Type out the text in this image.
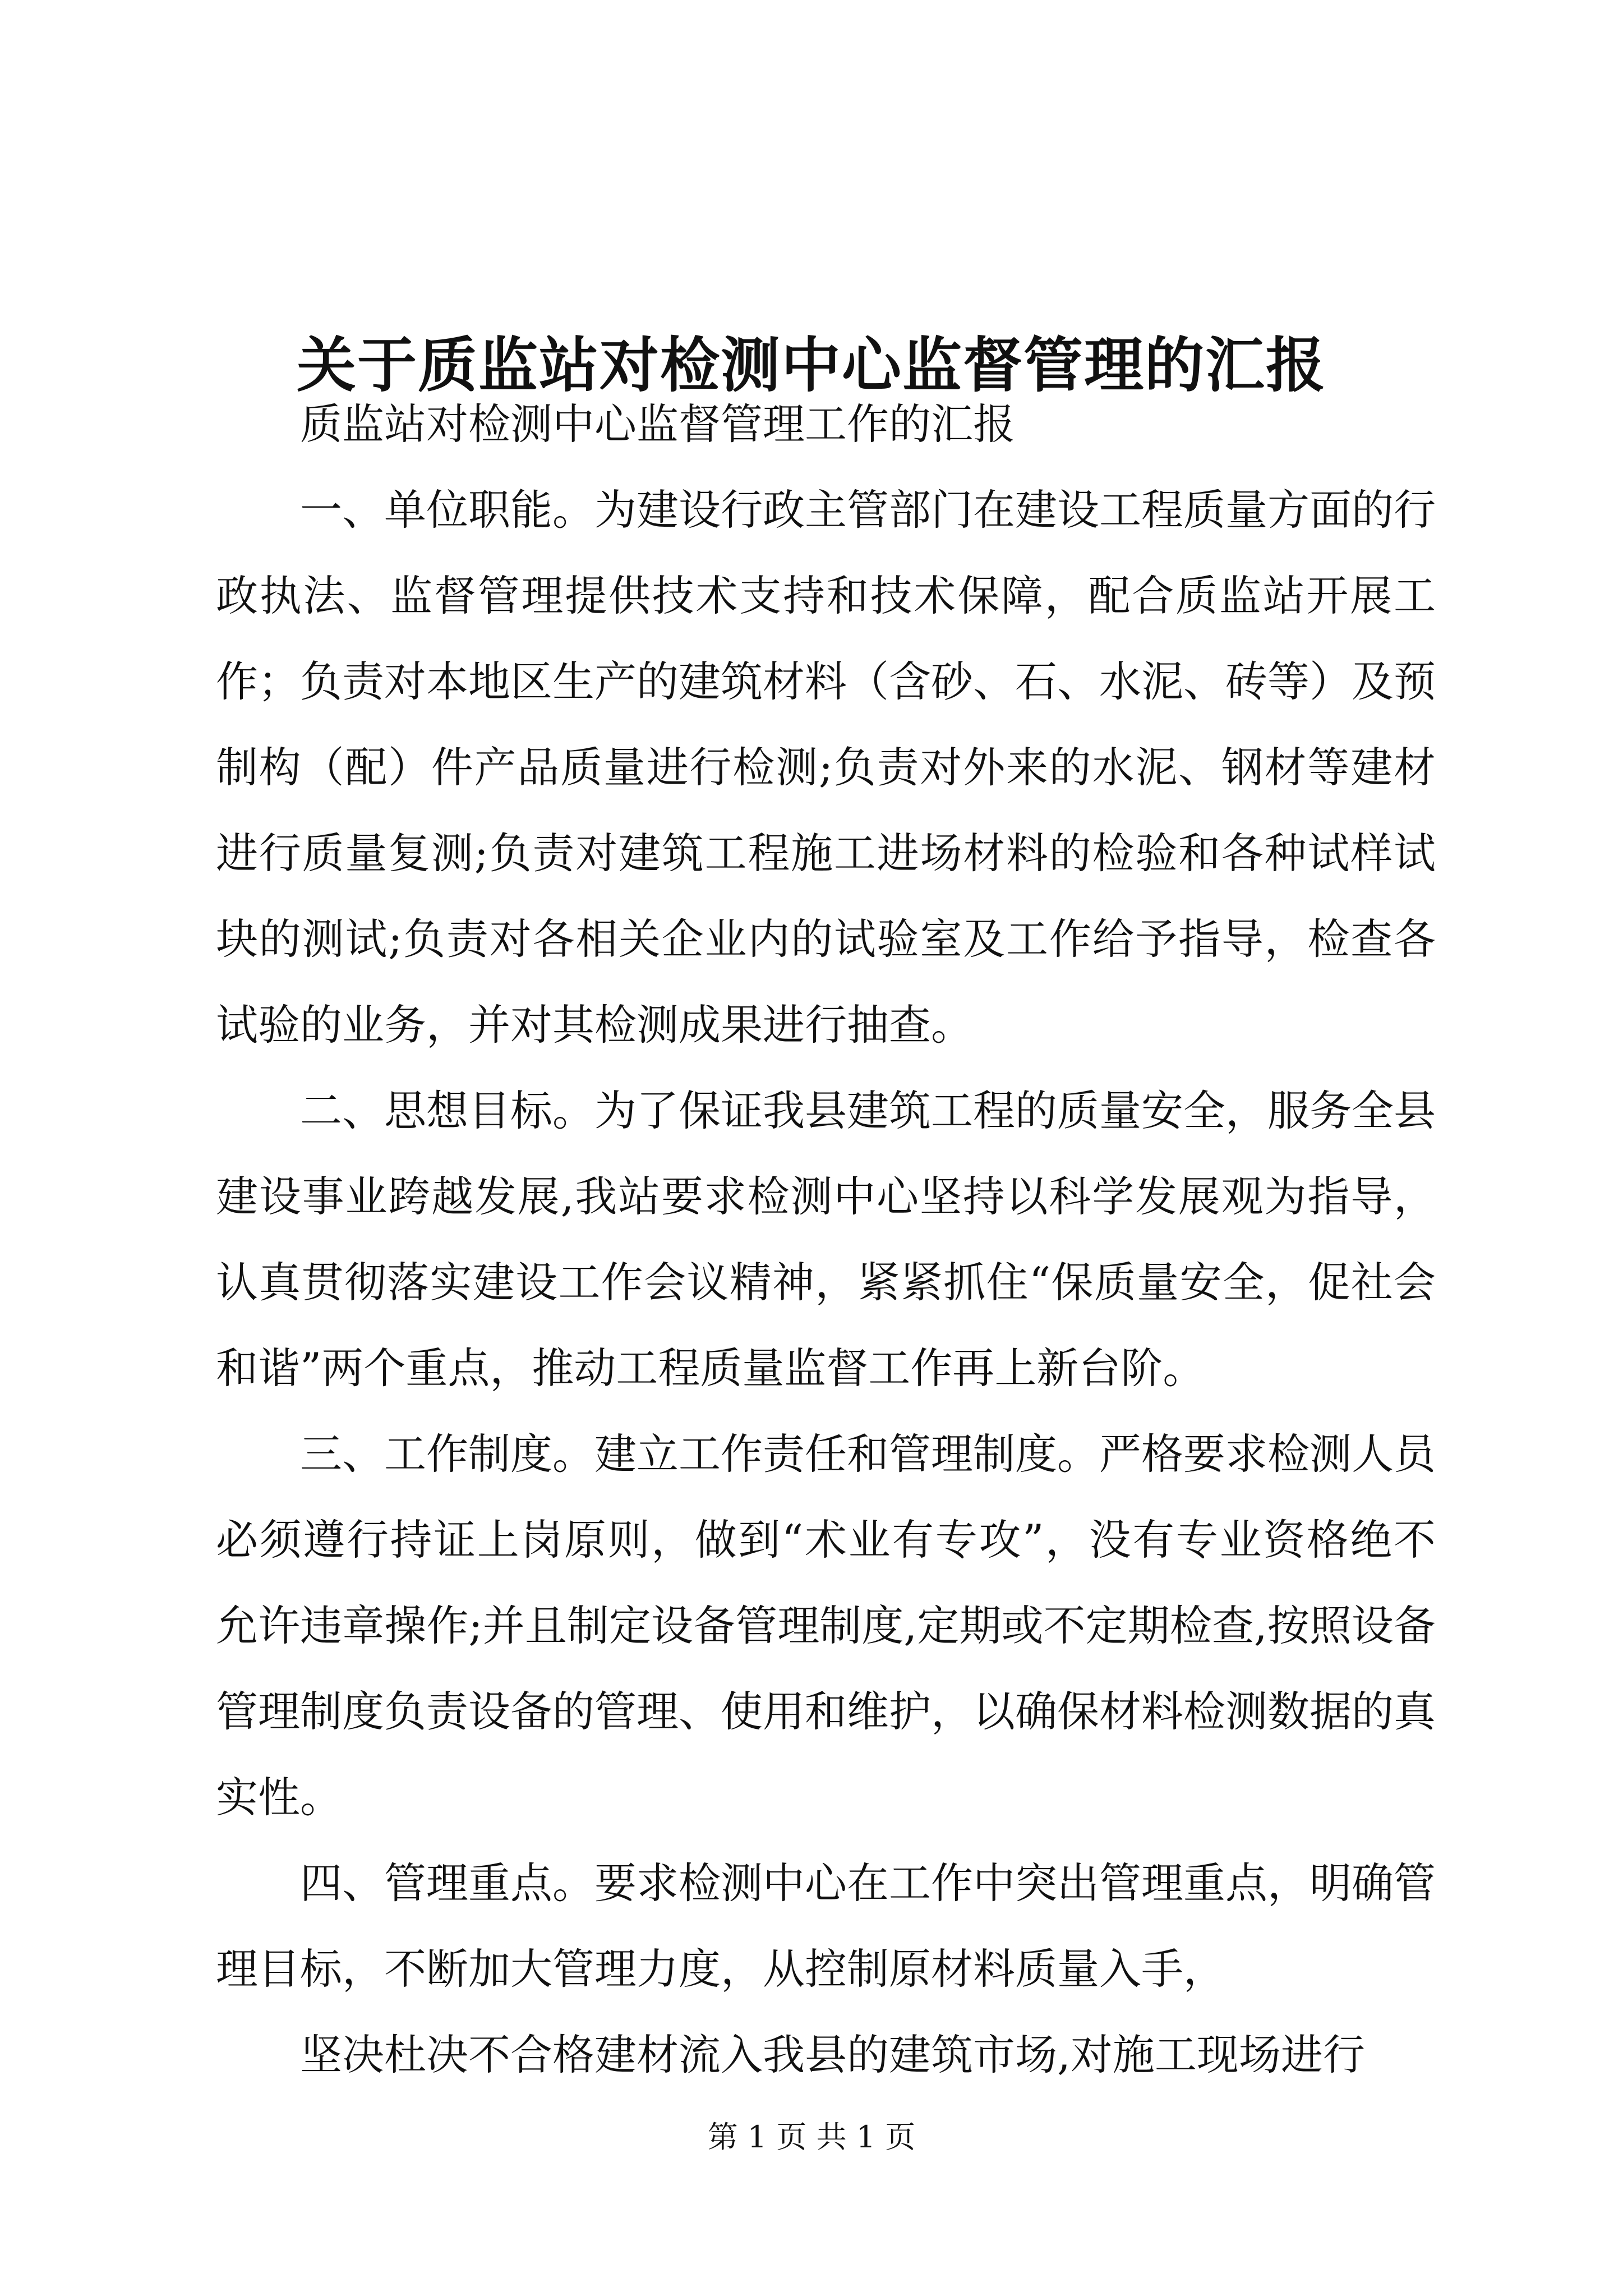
关于质监站对检测中心监督管理的汇报

质监站对检测中心监督管理工作的汇报

一、单位职能。为建设行政主管部门在建设工程质量方面的行政执法、监督管理提供技术支持和技术保障，配合质监站开展工作；负责对本地区生产的建筑材料（含砂、石、水泥、砖等）及预制构（配）件产品质量进行检测;负责对外来的水泥、钢材等建材进行质量复测;负责对建筑工程施工进场材料的检验和各种试样试块的测试;负责对各相关企业内的试验室及工作给予指导，检查各试验的业务，并对其检测成果进行抽查。

二、思想目标。为了保证我县建筑工程的质量安全，服务全县建设事业跨越发展,我站要求检测中心坚持以科学发展观为指导，认真贯彻落实建设工作会议精神，紧紧抓住“保质量安全，促社会和谐”两个重点，推动工程质量监督工作再上新台阶。

三、工作制度。建立工作责任和管理制度。严格要求检测人员必须遵行持证上岗原则，做到“术业有专攻”，没有专业资格绝不允许违章操作;并且制定设备管理制度,定期或不定期检查,按照设备管理制度负责设备的管理、使用和维护，以确保材料检测数据的真实性。

四、管理重点。要求检测中心在工作中突出管理重点，明确管理目标，不断加大管理力度，从控制原材料质量入手，

坚决杜决不合格建材流入我县的建筑市场,对施工现场进行

第 1 页 共 1 页
